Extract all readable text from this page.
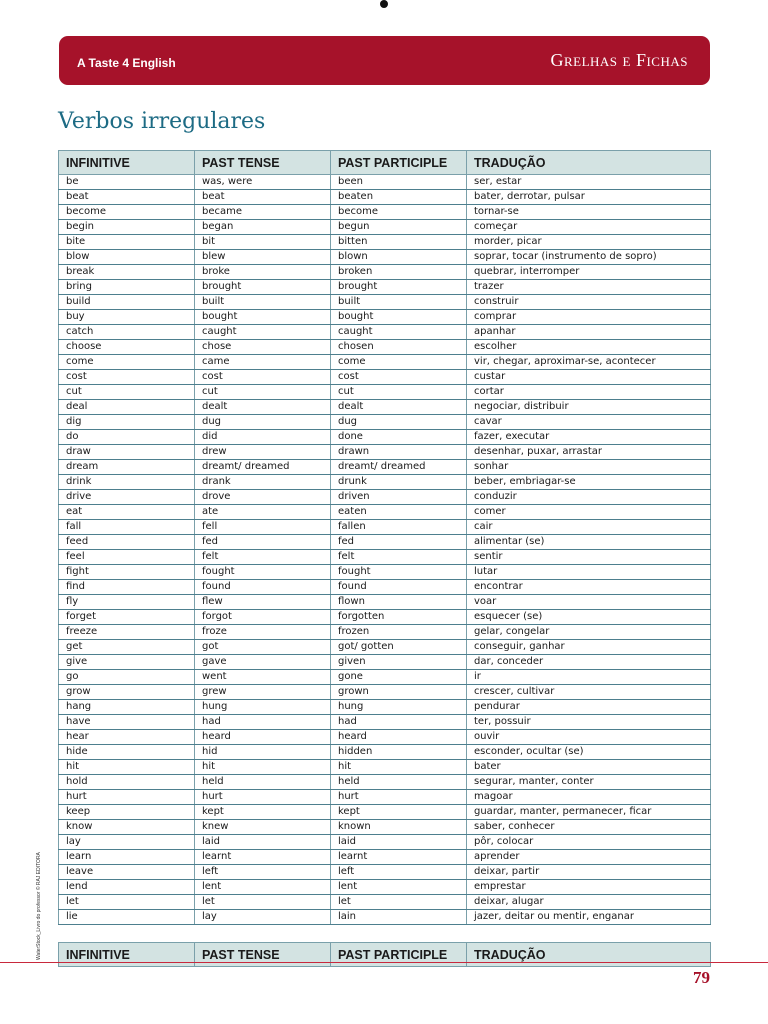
A Taste 4 English	Grelhas e Fichas
Verbos irregulares
INFINITIVE	PAST TENSE	PAST PARTICIPLE	TRADUÇÃO
be	was, were	been	ser, estar
beat	beat	beaten	bater, derrotar, pulsar
become	became	become	tornar-se
begin	began	begun	começar
bite	bit	bitten	morder, picar
blow	blew	blown	soprar, tocar (instrumento de sopro)
break	broke	broken	quebrar, interromper
bring	brought	brought	trazer
build	built	built	construir
buy	bought	bought	comprar
catch	caught	caught	apanhar
choose	chose	chosen	escolher
come	came	come	vir, chegar, aproximar-se, acontecer
cost	cost	cost	custar
cut	cut	cut	cortar
deal	dealt	dealt	negociar, distribuir
dig	dug	dug	cavar
do	did	done	fazer, executar
draw	drew	drawn	desenhar, puxar, arrastar
dream	dreamt/ dreamed	dreamt/ dreamed	sonhar
drink	drank	drunk	beber, embriagar-se
drive	drove	driven	conduzir
eat	ate	eaten	comer
fall	fell	fallen	cair
feed	fed	fed	alimentar (se)
feel	felt	felt	sentir
fight	fought	fought	lutar
find	found	found	encontrar
fly	flew	flown	voar
forget	forgot	forgotten	esquecer (se)
freeze	froze	frozen	gelar, congelar
get	got	got/ gotten	conseguir, ganhar
give	gave	given	dar, conceder
go	went	gone	ir
grow	grew	grown	crescer, cultivar
hang	hung	hung	pendurar
have	had	had	ter, possuir
hear	heard	heard	ouvir
hide	hid	hidden	esconder, ocultar (se)
hit	hit	hit	bater
hold	held	held	segurar, manter, conter
hurt	hurt	hurt	magoar
keep	kept	kept	guardar, manter, permanecer, ficar
know	knew	known	saber, conhecer
lay	laid	laid	pôr, colocar
learn	learnt	learnt	aprender
leave	left	left	deixar, partir
lend	lent	lent	emprestar
let	let	let	deixar, alugar
lie	lay	lain	jazer, deitar ou mentir, enganar
INFINITIVE	PAST TENSE	PAST PARTICIPLE	TRADUÇÃO
WaterStock_Livro do professor © RAJ EDITORA
79
